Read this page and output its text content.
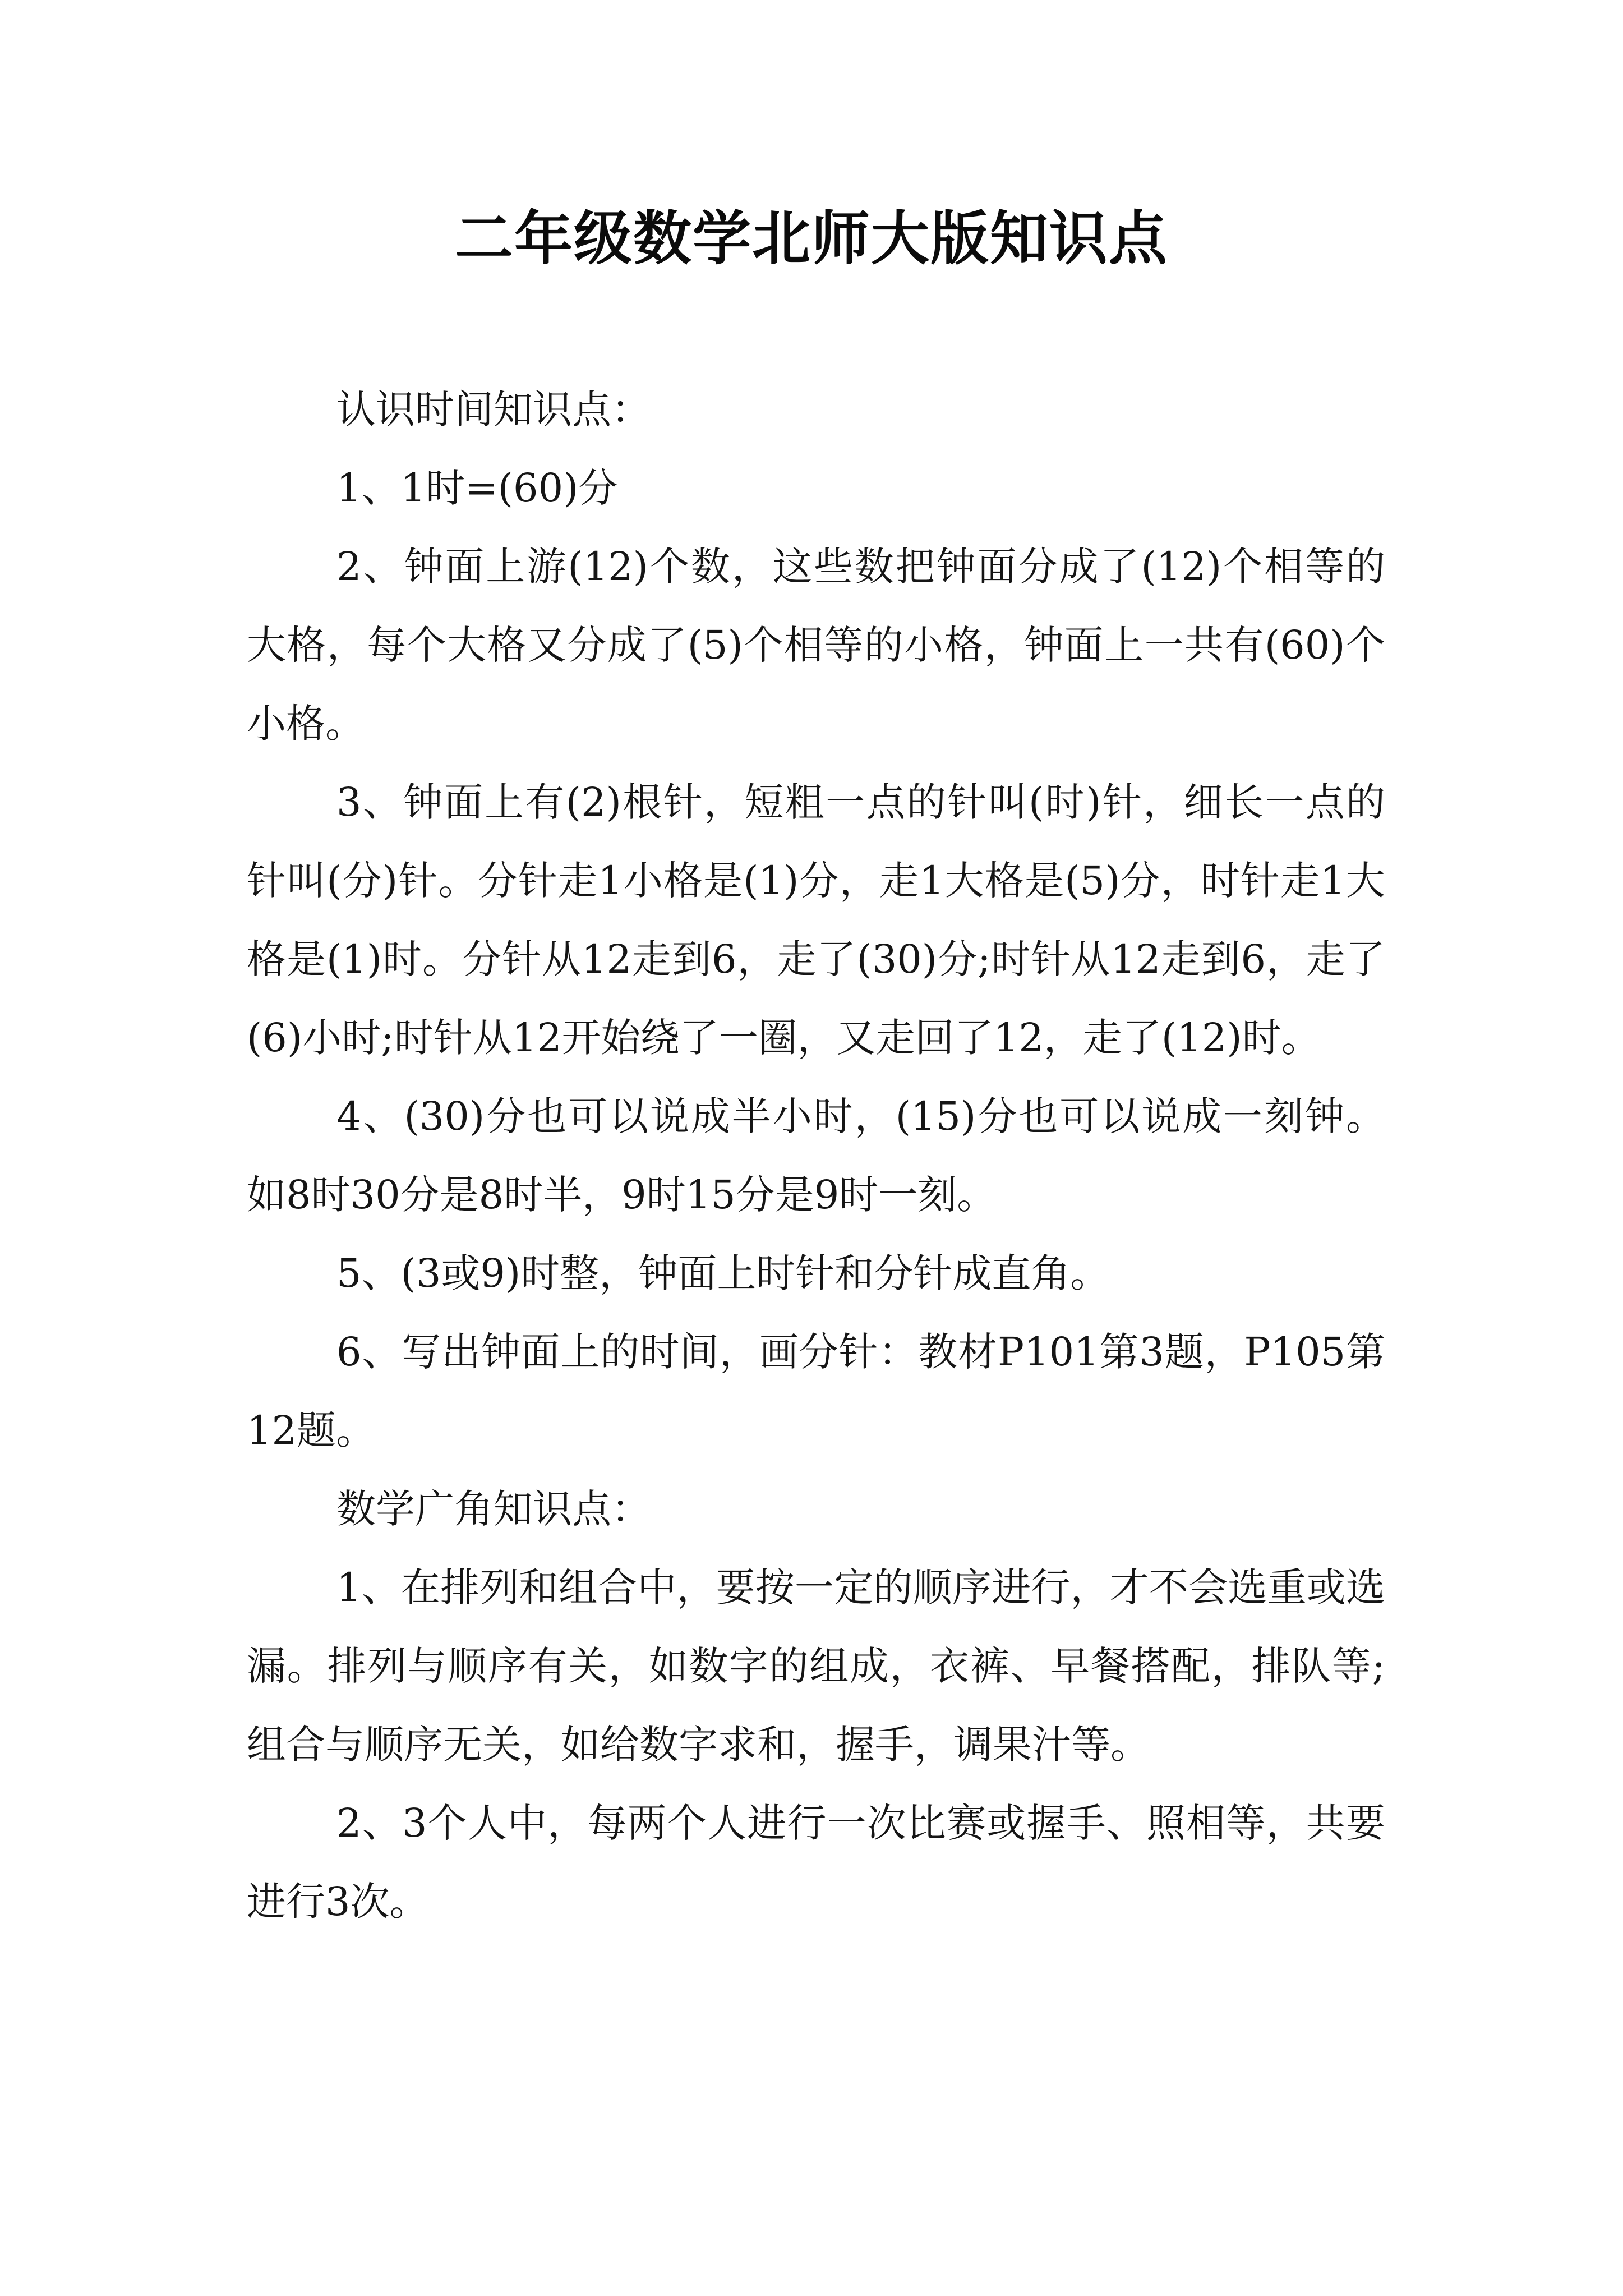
二年级数学北师大版知识点

认识时间知识点：

1、1时=(60)分

2、钟面上游(12)个数，这些数把钟面分成了(12)个相等的大格，每个大格又分成了(5)个相等的小格，钟面上一共有(60)个小格。

3、钟面上有(2)根针，短粗一点的针叫(时)针，细长一点的针叫(分)针。分针走1小格是(1)分，走1大格是(5)分，时针走1大格是(1)时。分针从12走到6，走了(30)分;时针从12走到6，走了(6)小时;时针从12开始绕了一圈，又走回了12，走了(12)时。

4、(30)分也可以说成半小时，(15)分也可以说成一刻钟。如8时30分是8时半，9时15分是9时一刻。

5、(3或9)时整，钟面上时针和分针成直角。

6、写出钟面上的时间，画分针：教材P101第3题，P105第12题。

数学广角知识点：

1、在排列和组合中，要按一定的顺序进行，才不会选重或选漏。排列与顺序有关，如数字的组成，衣裤、早餐搭配，排队等;组合与顺序无关，如给数字求和，握手，调果汁等。

2、3个人中，每两个人进行一次比赛或握手、照相等，共要进行3次。
